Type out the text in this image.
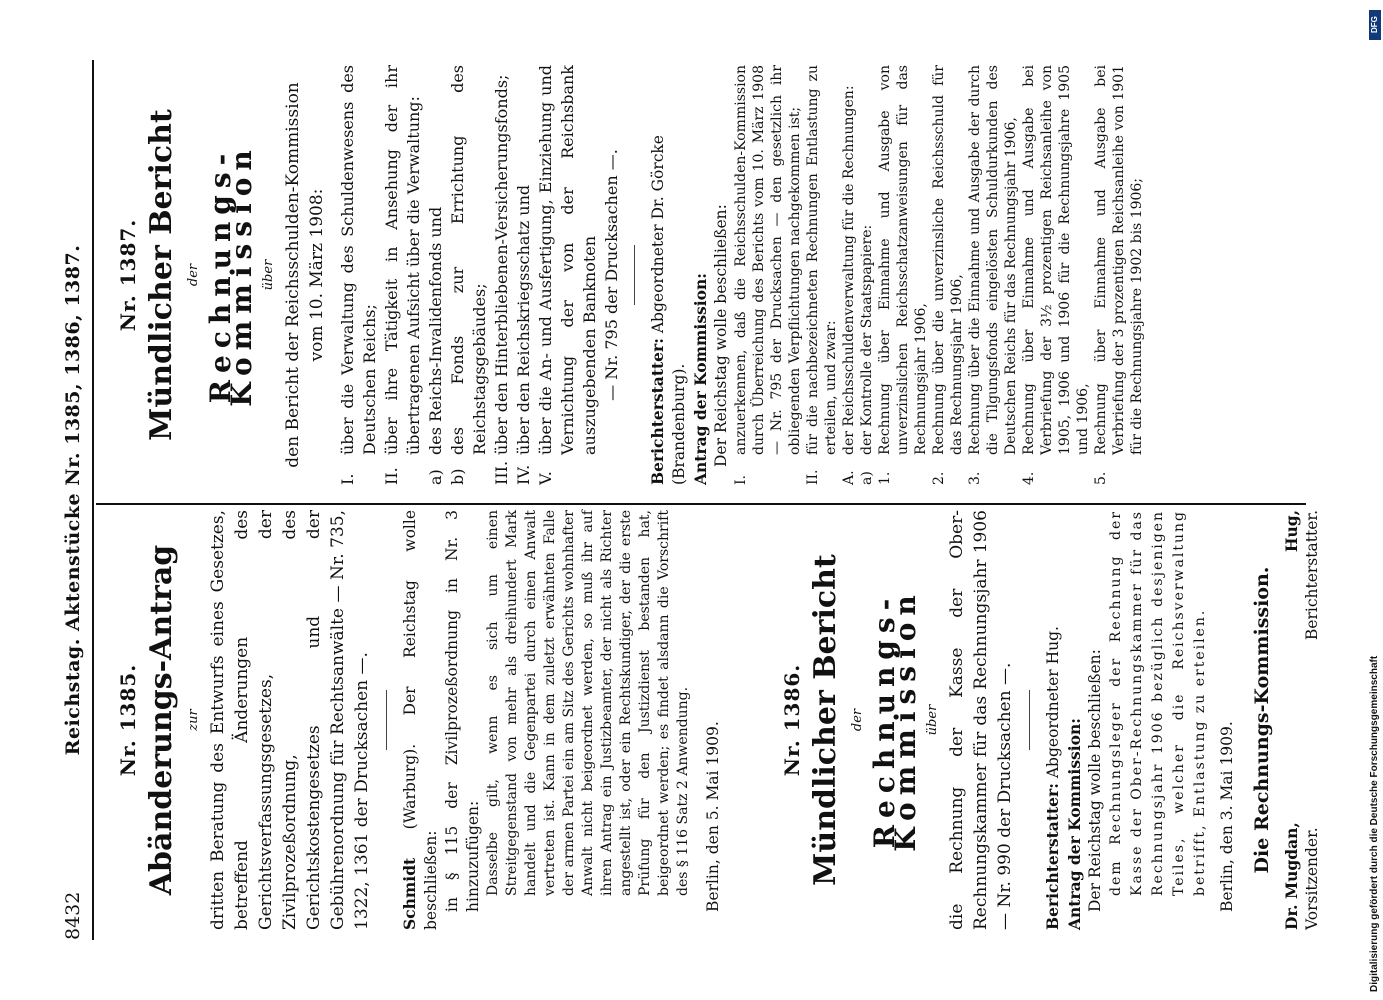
8432
Reichstag. Aktenstücke Nr. 1385, 1386, 1387. Nr. 1385. Abänderungs-Antrag zur dritten Beratung des Entwurfs eines Gesetzes, betreffend Änderungen des Gerichtsverfassungsgesetzes, der Zivilprozeßordnung, des Gerichtskostengesetzes und der Gebührenordnung für Rechtsanwälte — Nr. 735, 1322, 1361 der Drucksachen —. Schmidt (Warburg). Der Reichstag wolle beschließen: in § 115 der Zivilprozeßordnung in Nr. 3 hinzuzufügen: Dasselbe gilt, wenn es sich um einen Streitgegenstand von mehr als dreihundert Mark handelt und die Gegenpartei durch einen Anwalt vertreten ist. Kann in dem zuletzt erwähnten Falle der armen Partei ein am Sitz des Gerichts wohnhafter Anwalt nicht beigeordnet werden, so muß ihr auf ihren Antrag ein Justizbeamter, der nicht als Richter angestellt ist, oder ein Rechtskundiger, der die erste Prüfung für den Justizdienst bestanden hat, beigeordnet werden; es findet alsdann die Vorschrift des § 116 Satz 2 Anwendung. Berlin, den 5. Mai 1909.
Nr. 1386. Mündlicher Bericht der Rechnungs-Kommission über die Rechnung der Kasse der Ober-Rechnungskammer für das Rechnungsjahr 1906 — Nr. 990 der Drucksachen —. Berichterstatter: Abgeordneter Hug.
Antrag der Kommission: Der Reichstag wolle beschließen: dem Rechnungsleger der Rechnung der Kasse der Ober-Rechnungskammer für das Rechnungsjahr 1906 bezüglich desjenigen Teiles, welcher die Reichsverwaltung betrifft, Entlastung zu erteilen. Berlin, den 3. Mai 1909. Die Rechnungs-Kommission.
Dr. Mugdan, Vorsitzender.
Hug, Berichterstatter.
Nr. 1387. Mündlicher Bericht der Rechnungs-Kommission über den Bericht der Reichsschulden-Kommission vom 10. März 1908:
I.
über die Verwaltung des Schuldenwesens des Deutschen Reichs;
II.
über ihre Tätigkeit in Ansehung der ihr übertragenen Aufsicht über die Verwaltung:
a)
des Reichs-Invalidenfonds und
b)
des Fonds zur Errichtung des Reichstagsgebäudes;
III.
über den Hinterbliebenen-Versicherungsfonds;
IV.
über den Reichskriegsschatz und
V.
über die An- und Ausfertigung, Einziehung und Vernichtung der von der Reichsbank auszugebenden Banknoten — Nr. 795 der Drucksachen —.
Berichterstatter: Abgeordneter Dr. Görcke (Brandenburg). Antrag der Kommission: Der Reichstag wolle beschließen:
I.
anzuerkennen, daß die Reichsschulden-Kommission durch Überreichung des Berichts vom 10. März 1908 — Nr. 795 der Drucksachen — den gesetzlich ihr obliegenden Verpflichtungen nachgekommen ist;
II.
für die nachbezeichneten Rechnungen Entlastung zu erteilen, und zwar:
A.
der Reichsschuldenverwaltung für die Rechnungen:
a)
der Kontrolle der Staatspapiere:
1.
Rechnung über Einnahme und Ausgabe von unverzinslichen Reichsschatzanweisungen für das Rechnungsjahr 1906,
2.
Rechnung über die unverzinsliche Reichsschuld für das Rechnungsjahr 1906,
3.
Rechnung über die Einnahme und Ausgabe der durch die Tilgungsfonds eingelösten Schuldurkunden des Deutschen Reichs für das Rechnungsjahr 1906,
4.
Rechnung über Einnahme und Ausgabe bei Verbriefung der 3½ prozentigen Reichsanleihe von 1905, 1906 und 1906 für die Rechnungsjahre 1905 und 1906,
5.
Rechnung über Einnahme und Ausgabe bei Verbriefung der 3 prozentigen Reichsanleihe von 1901 für die Rechnungsjahre 1902 bis 1906;
DFG
Digitalisierung gefördert durch die Deutsche Forschungsgemeinschaft
